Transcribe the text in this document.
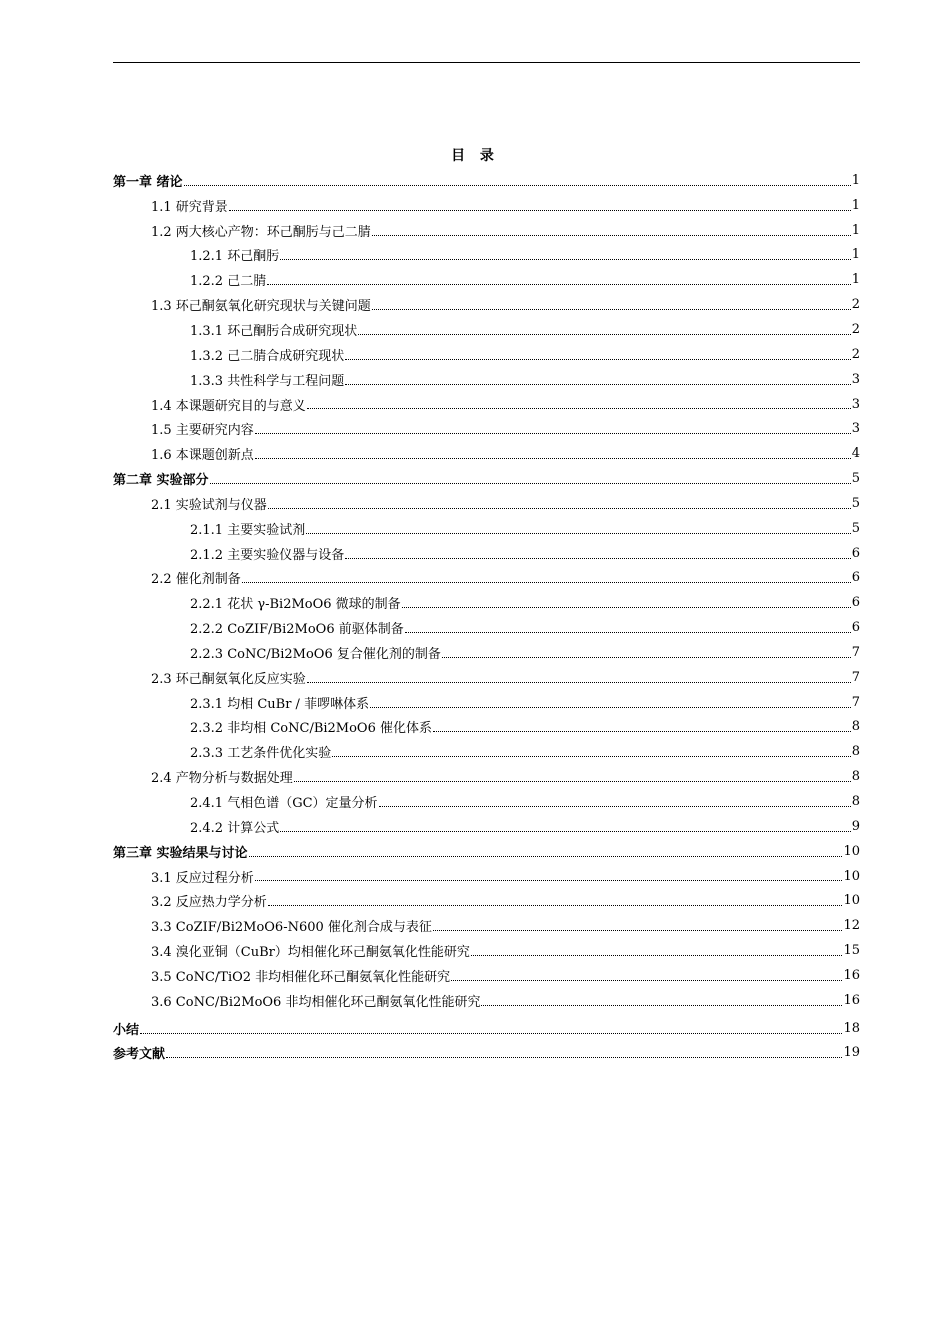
目 录
第一章 绪论	1
1.1 研究背景	1
1.2 两大核心产物：环己酮肟与己二腈	1
1.2.1 环己酮肟	1
1.2.2 己二腈	1
1.3 环己酮氨氧化研究现状与关键问题	2
1.3.1 环己酮肟合成研究现状	2
1.3.2 己二腈合成研究现状	2
1.3.3 共性科学与工程问题	3
1.4 本课题研究目的与意义	3
1.5 主要研究内容	3
1.6 本课题创新点	4
第二章 实验部分	5
2.1 实验试剂与仪器	5
2.1.1 主要实验试剂	5
2.1.2 主要实验仪器与设备	6
2.2 催化剂制备	6
2.2.1 花状 γ-Bi2MoO6 微球的制备	6
2.2.2 CoZIF/Bi2MoO6 前驱体制备	6
2.2.3 CoNC/Bi2MoO6 复合催化剂的制备	7
2.3 环己酮氨氧化反应实验	7
2.3.1 均相 CuBr / 菲啰啉体系	7
2.3.2 非均相 CoNC/Bi2MoO6 催化体系	8
2.3.3 工艺条件优化实验	8
2.4 产物分析与数据处理	8
2.4.1 气相色谱（GC）定量分析	8
2.4.2 计算公式	9
第三章 实验结果与讨论	10
3.1 反应过程分析	10
3.2 反应热力学分析	10
3.3 CoZIF/Bi2MoO6-N600 催化剂合成与表征	12
3.4 溴化亚铜（CuBr）均相催化环己酮氨氧化性能研究	15
3.5 CoNC/TiO2 非均相催化环己酮氨氧化性能研究	16
3.6 CoNC/Bi2MoO6 非均相催化环己酮氨氧化性能研究	16
小结	18
参考文献	19
